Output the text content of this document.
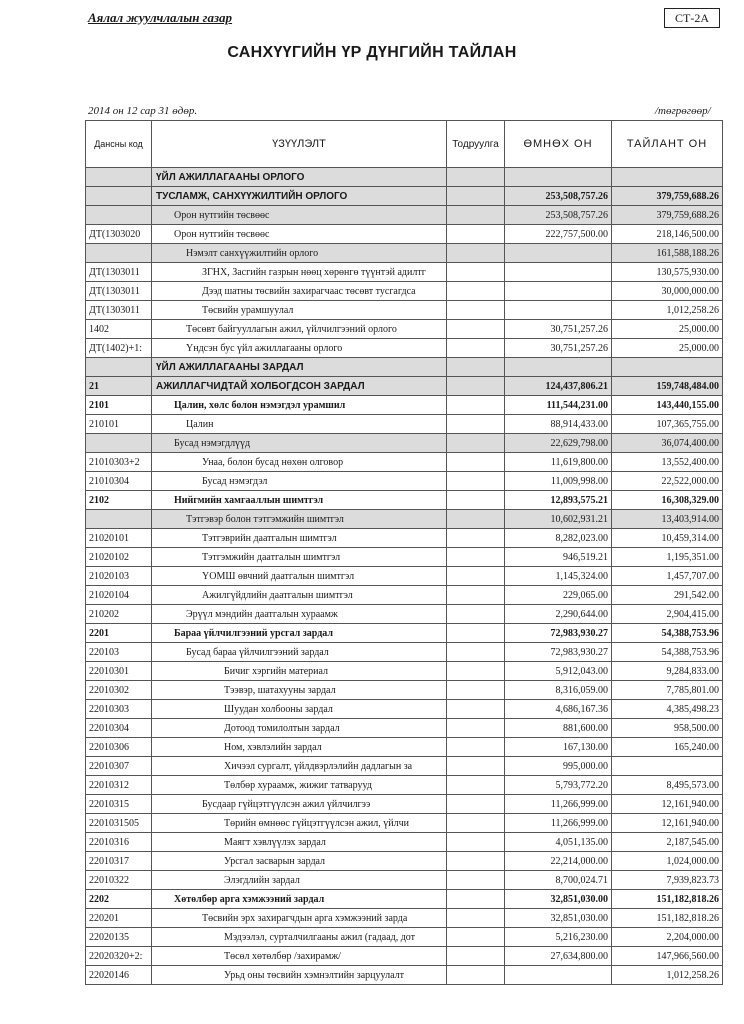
Аялал жуулчлалын газар	СТ-2А
САНХҮҮГИЙН ҮР ДҮНГИЙН ТАЙЛАН
2014 он 12 сар 31 өдөр.	/төгрөгөөр/
Дансны код	ҮЗҮҮЛЭЛТ	Тодруулга	ӨМНӨХ ОН	ТАЙЛАНТ ОН
	ҮЙЛ АЖИЛЛАГААНЫ ОРЛОГО			
	ТУСЛАМЖ, САНХҮҮЖИЛТИЙН ОРЛОГО		253,508,757.26	379,759,688.26
	Орон нутгийн төсвөөс		253,508,757.26	379,759,688.26
ДТ(1303020	Орон нутгийн төсвөөс		222,757,500.00	218,146,500.00
	Нэмэлт санхүүжилтийн орлого			161,588,188.26
ДТ(1303011	ЗГНХ, Засгийн газрын нөөц хөрөнгө түүнтэй адилтг			130,575,930.00
ДТ(1303011	Дээд шатны төсвийн захирагчаас төсөвт тусгагдса			30,000,000.00
ДТ(1303011	Төсвийн урамшуулал			1,012,258.26
1402	Төсөвт байгууллагын ажил, үйлчилгээний орлого		30,751,257.26	25,000.00
ДТ(1402)+1:	Үндсэн бус үйл ажиллагааны орлого		30,751,257.26	25,000.00
	ҮЙЛ АЖИЛЛАГААНЫ ЗАРДАЛ			
21	АЖИЛЛАГЧИДТАЙ ХОЛБОГДСОН ЗАРДАЛ		124,437,806.21	159,748,484.00
2101	Цалин, хөлс болон нэмэгдэл урамшил		111,544,231.00	143,440,155.00
210101	Цалин		88,914,433.00	107,365,755.00
	Бусад нэмэгдлүүд		22,629,798.00	36,074,400.00
21010303+2	Унаа, болон бусад нөхөн олговор		11,619,800.00	13,552,400.00
21010304	Бусад нэмэгдэл		11,009,998.00	22,522,000.00
2102	Нийгмийн хамгааллын шимтгэл		12,893,575.21	16,308,329.00
	Тэтгэвэр болон тэтгэмжийн шимтгэл		10,602,931.21	13,403,914.00
21020101	Тэтгэврийн даатгалын шимтгэл		8,282,023.00	10,459,314.00
21020102	Тэтгэмжийн даатгалын шимтгэл		946,519.21	1,195,351.00
21020103	ҮОМШ өвчний даатгалын шимтгэл		1,145,324.00	1,457,707.00
21020104	Ажилгүйдлийн даатгалын шимтгэл		229,065.00	291,542.00
210202	Эрүүл мэндийн даатгалын хураамж		2,290,644.00	2,904,415.00
2201	Бараа үйлчилгээний урсгал зардал		72,983,930.27	54,388,753.96
220103	Бусад бараа үйлчилгээний зардал		72,983,930.27	54,388,753.96
22010301	Бичиг хэргийн материал		5,912,043.00	9,284,833.00
22010302	Тээвэр, шатахууны зардал		8,316,059.00	7,785,801.00
22010303	Шуудан холбооны зардал		4,686,167.36	4,385,498.23
22010304	Дотоод томилолтын зардал		881,600.00	958,500.00
22010306	Ном, хэвлэлийн зардал		167,130.00	165,240.00
22010307	Хичээл сургалт, үйлдвэрлэлийн дадлагын за		995,000.00	
22010312	Төлбөр хураамж, жижиг татварууд		5,793,772.20	8,495,573.00
22010315	Бусдаар гүйцэтгүүлсэн ажил үйлчилгээ		11,266,999.00	12,161,940.00
2201031505	Төрийн өмнөөс гүйцэтгүүлсэн ажил, үйлчи		11,266,999.00	12,161,940.00
22010316	Маягт хэвлүүлэх зардал		4,051,135.00	2,187,545.00
22010317	Урсгал засварын зардал		22,214,000.00	1,024,000.00
22010322	Элэгдлийн зардал		8,700,024.71	7,939,823.73
2202	Хөтөлбөр арга хэмжээний зардал		32,851,030.00	151,182,818.26
220201	Төсвийн эрх захирагчдын арга хэмжээний зарда		32,851,030.00	151,182,818.26
22020135	Мэдээлэл, сурталчилгааны ажил (гадаад, дот		5,216,230.00	2,204,000.00
22020320+2:	Төсөл хөтөлбөр /захирамж/		27,634,800.00	147,966,560.00
22020146	Урьд оны төсвийн хэмнэлтийн зарцуулалт			1,012,258.26
